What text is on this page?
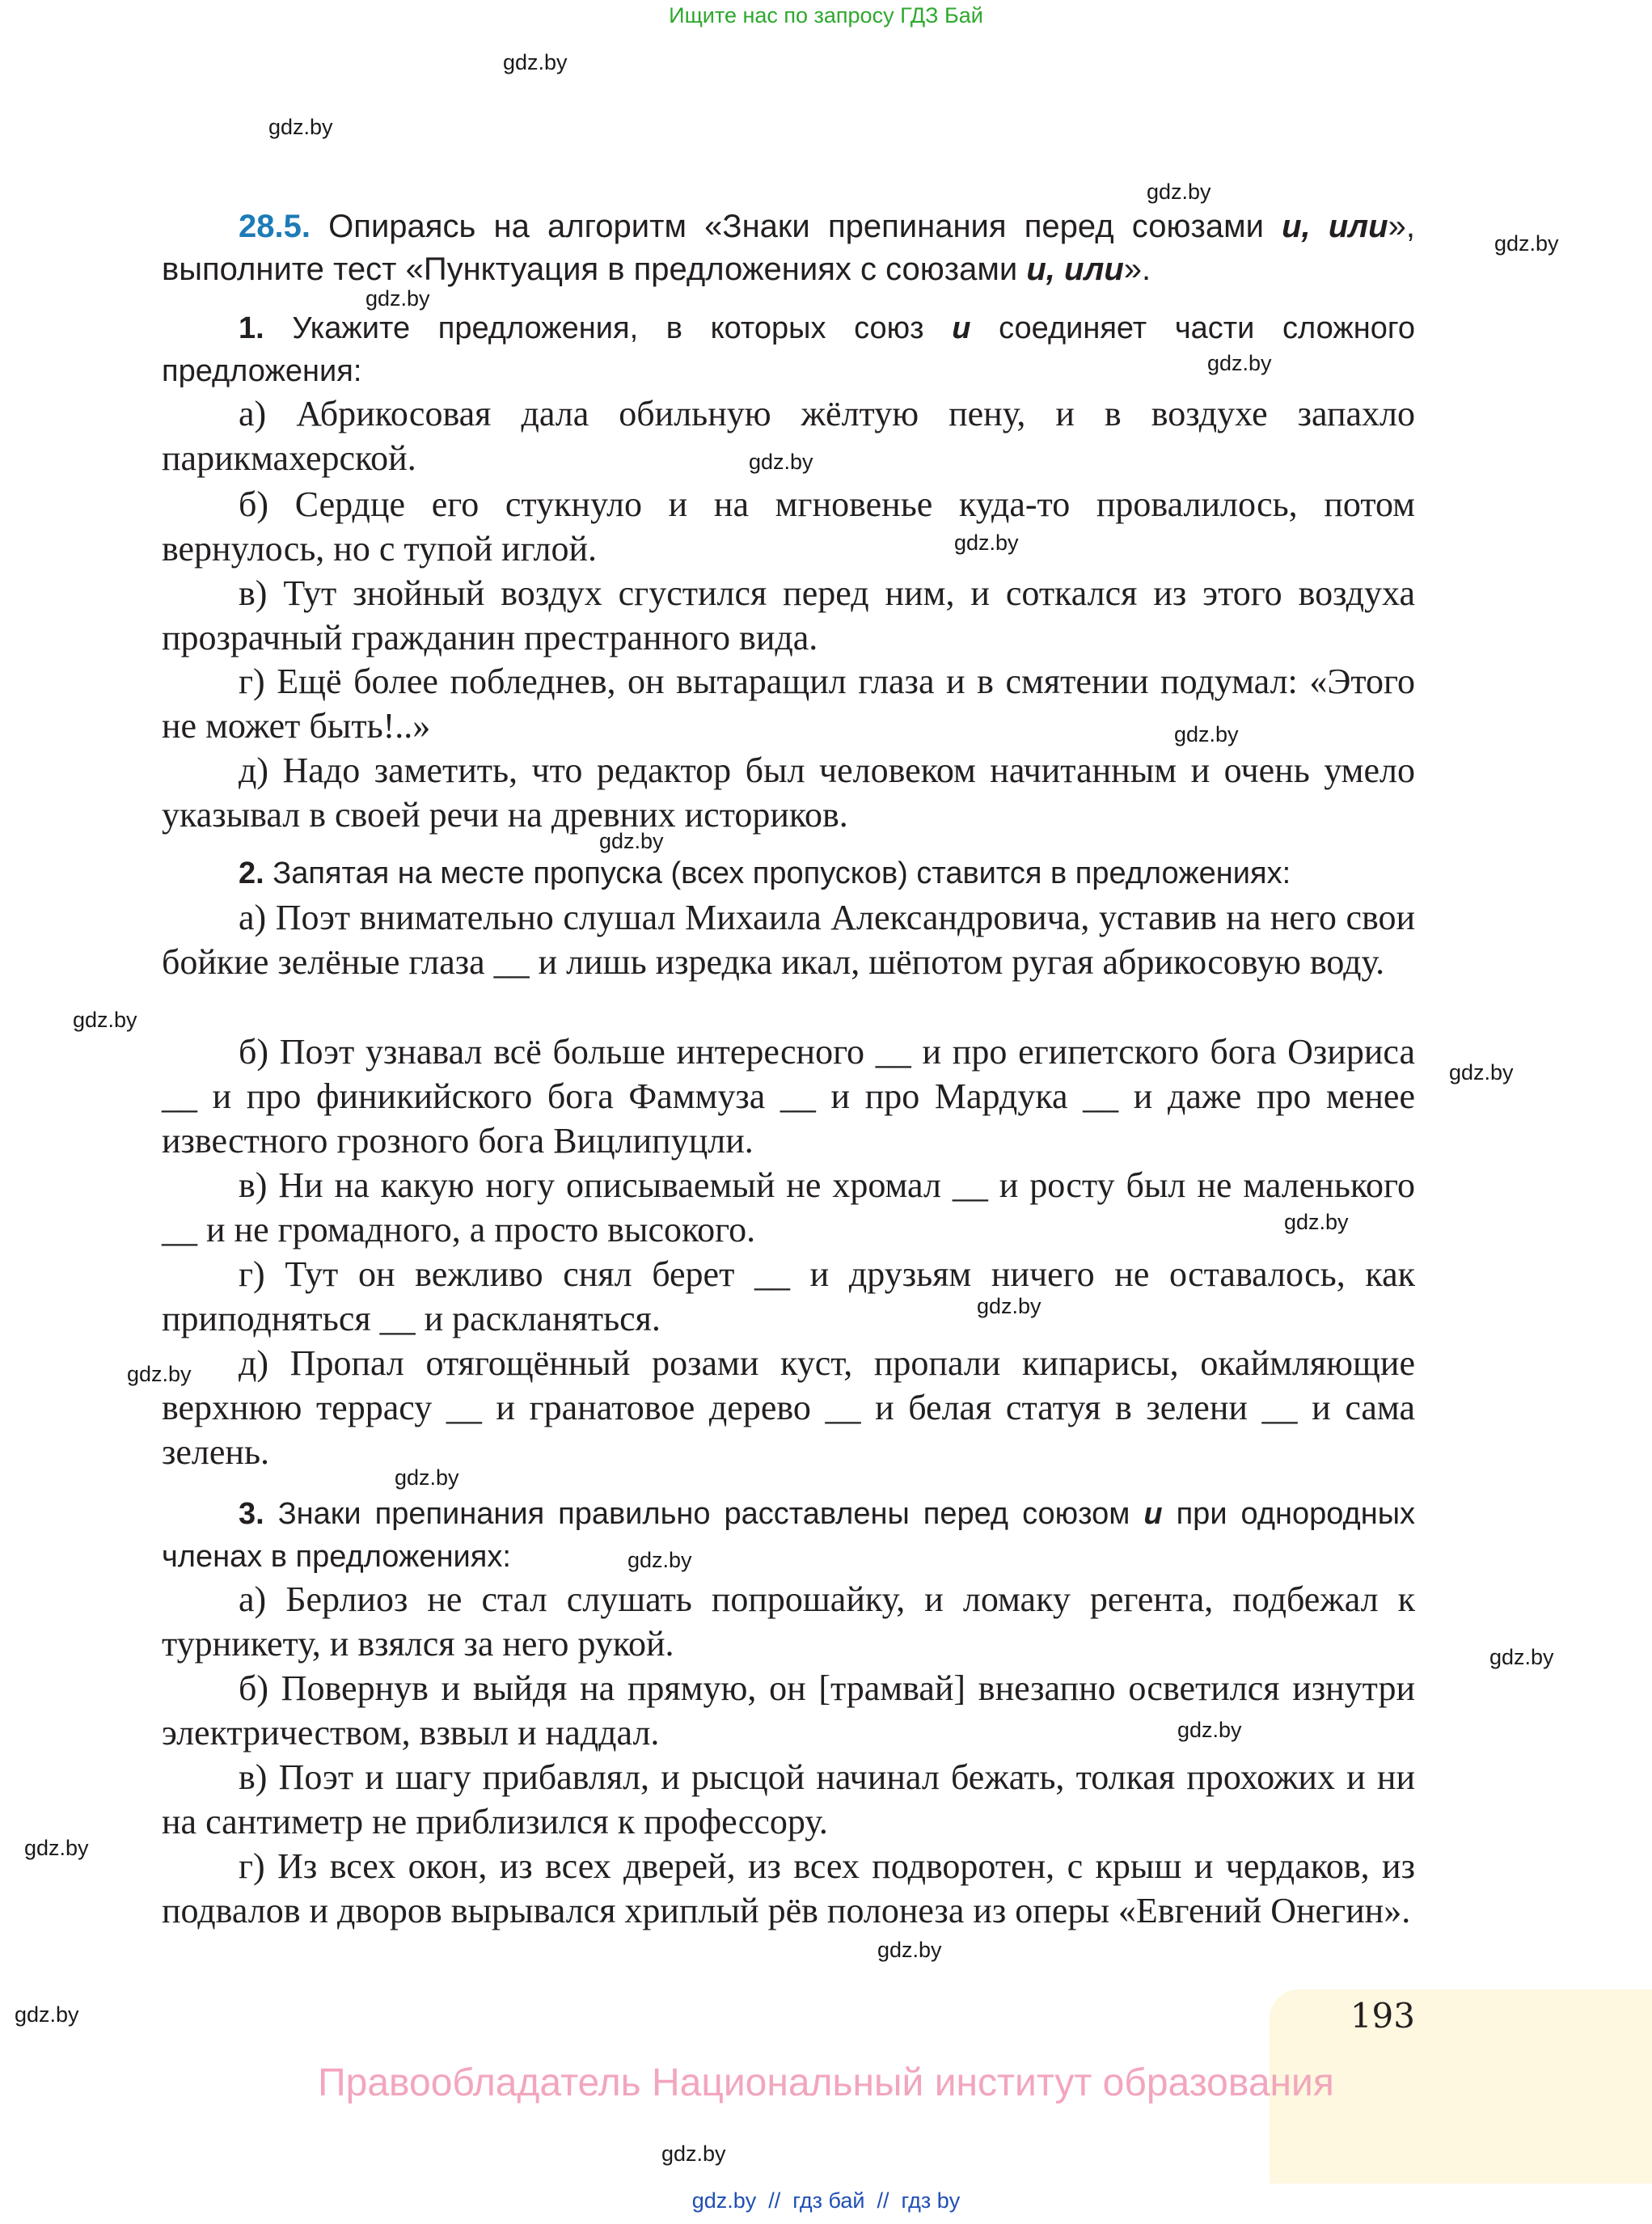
Ищите нас по запросу ГДЗ Бай
gdz.by
gdz.by
gdz.by
gdz.by
gdz.by
gdz.by
gdz.by
gdz.by
gdz.by
gdz.by
gdz.by
gdz.by
gdz.by
gdz.by
gdz.by
gdz.by
gdz.by
gdz.by
gdz.by
gdz.by
gdz.by
gdz.by
gdz.by

28.5. Опираясь на алгоритм «Знаки препинания перед союзами и, или», выполните тест «Пунктуация в предложениях с союзами и, или».

1. Укажите предложения, в которых союз и соединяет части сложного предложения:

а) Абрикосовая дала обильную жёлтую пену, и в воздухе запахло парикмахерской.

б) Сердце его стукнуло и на мгновенье куда-то провалилось, потом вернулось, но с тупой иглой.

в) Тут знойный воздух сгустился перед ним, и соткался из этого воздуха прозрачный гражданин престранного вида.

г) Ещё более побледнев, он вытаращил глаза и в смятении подумал: «Этого не может быть!..»

д) Надо заметить, что редактор был человеком начитанным и очень умело указывал в своей речи на древних историков.

2. Запятая на месте пропуска (всех пропусков) ставится в предложениях:

а) Поэт внимательно слушал Михаила Александровича, уставив на него свои бойкие зелёные глаза __ и лишь изредка икал, шёпотом ругая абрикосовую воду.

б) Поэт узнавал всё больше интересного __ и про египетского бога Озириса __ и про финикийского бога Фаммуза __ и про Мардука __ и даже про менее известного грозного бога Вицлипуцли.

в) Ни на какую ногу описываемый не хромал __ и росту был не маленького __ и не громадного, а просто высокого.

г) Тут он вежливо снял берет __ и друзьям ничего не оставалось, как приподняться __ и раскланяться.

д) Пропал отягощённый розами куст, пропали кипарисы, окаймляющие верхнюю террасу __ и гранатовое дерево __ и белая статуя в зелени __ и сама зелень.

3. Знаки препинания правильно расставлены перед союзом и при однородных членах в предложениях:

а) Берлиоз не стал слушать попрошайку, и ломаку регента, подбежал к турникету, и взялся за него рукой.

б) Повернув и выйдя на прямую, он [трамвай] внезапно осветился изнутри электричеством, взвыл и наддал.

в) Поэт и шагу прибавлял, и рысцой начинал бежать, толкая прохожих и ни на сантиметр не приблизился к профессору.

г) Из всех окон, из всех дверей, из всех подворотен, с крыш и чердаков, из подвалов и дворов вырывался хриплый рёв полонеза из оперы «Евгений Онегин».

193
Правообладатель Национальный институт образования
gdz.by  //  гдз бай  //  гдз by
